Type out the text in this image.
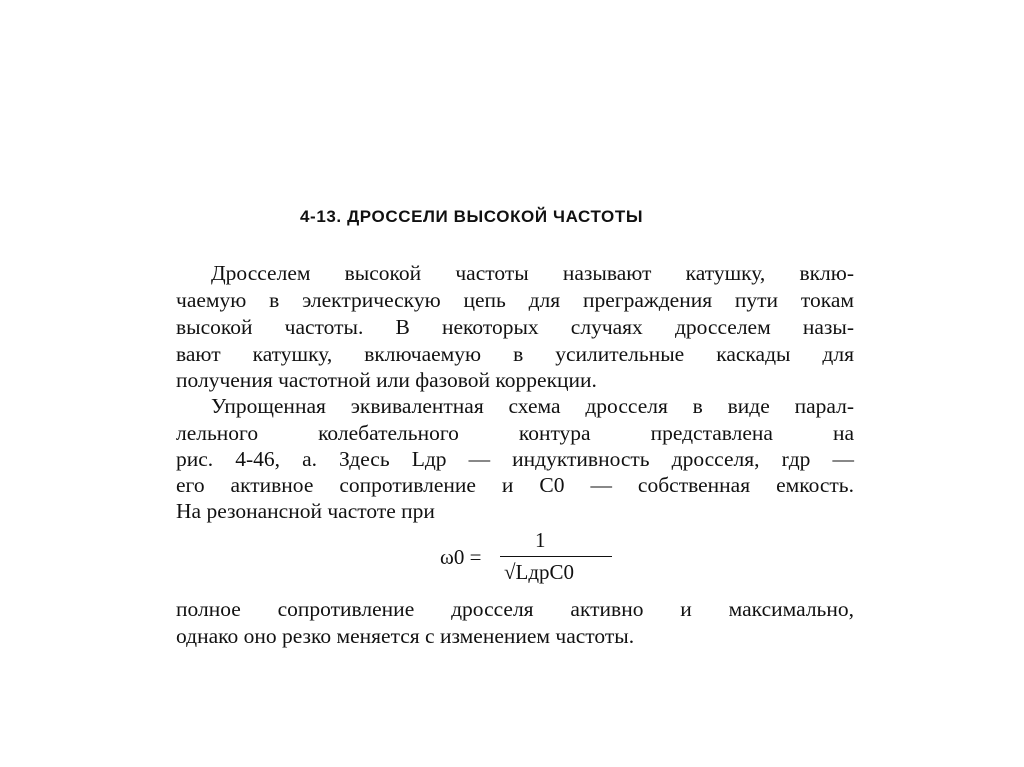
4-13. ДРОССЕЛИ ВЫСОКОЙ ЧАСТОТЫ
Дросселем высокой частоты называют катушку, вклю-
чаемую в электрическую цепь для преграждения пути токам
высокой частоты. В некоторых случаях дросселем назы-
вают катушку, включаемую в усилительные каскады для
получения частотной или фазовой коррекции.
Упрощенная эквивалентная схема дросселя в виде парал-
лельного колебательного контура представлена на
рис. 4-46, а. Здесь Lдр — индуктивность дросселя, rдр —
его активное сопротивление и C0 — собственная емкость.
На резонансной частоте при
ω0 =
1
√LдрC0
полное сопротивление дросселя активно и максимально,
однако оно резко меняется с изменением частоты.
